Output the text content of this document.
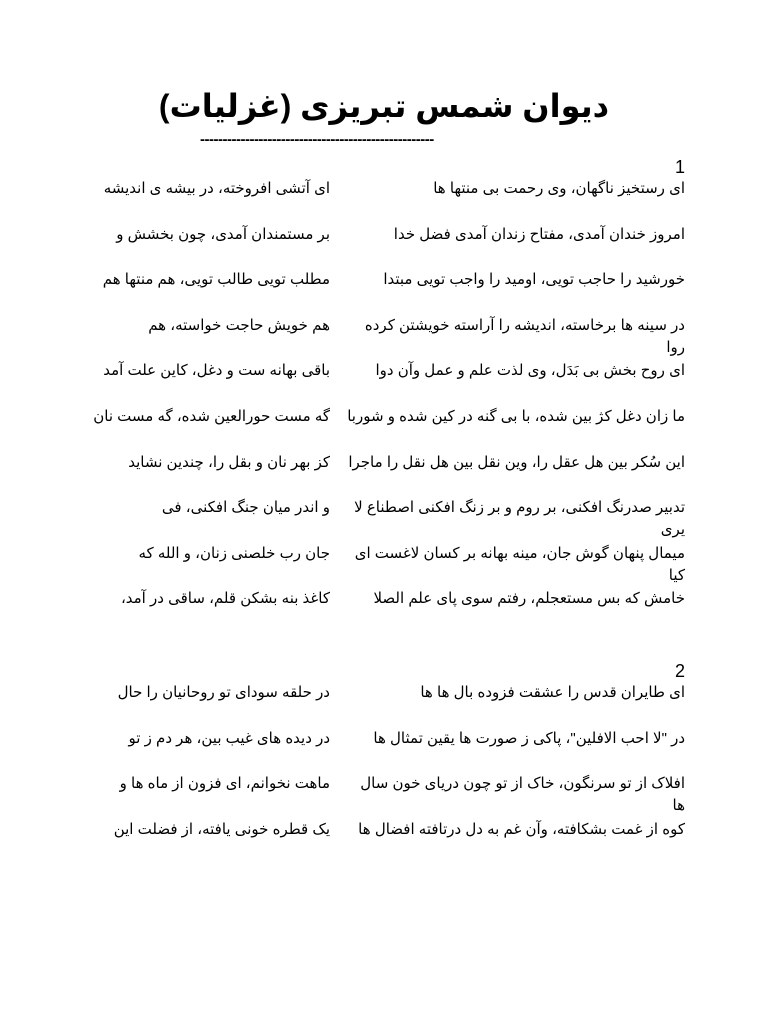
دیوان شمس تبریزی (غزلیات)
----------------------------------------------------
1
ای رستخیز ناگهان، وی رحمت بی منتها ها
ای آتشی افروخته، در بیشه ی اندیشه
امروز خندان آمدی، مفتاح زندان آمدی فضل خدا
بر مستمندان آمدی، چون بخشش و
خورشید را حاجب تویی، اومید را واجب تویی مبتدا
مطلب تویی طالب تویی، هم منتها هم
در سینه ها برخاسته، اندیشه را آراسته خویشتن کرده روا
هم خویش حاجت خواسته، هم
ای روح بخش بی بَدَل، وی لذت علم و عمل وآن دوا
باقی بهانه ست و دغل، کاین علت آمد
ما زان دغل کژ بین شده، با بی گنه در کین شده و شوربا
گه مست حورالعین شده، گه مست نان
این سُکر بین هل عقل را، وین نقل بین هل نقل را ماجرا
کز بهر نان و بقل را، چندین نشاید
تدبیر صدرنگ افکنی، بر روم و بر زنگ افکنی اصطناع لا یری
و اندر میان جنگ افکنی، فی
میمال پنهان گوش جان، مینه بهانه بر کسان لاغست ای کیا
جان رب خلصنی زنان، و الله که
خامش که بس مستعجلم، رفتم سوی پای علم الصلا
کاغذ بنه بشکن قلم، ساقی در آمد،
2
ای طایران قدس را عشقت فزوده بال ها ها
در حلقه سودای تو روحانیان را حال
در "لا احب الافلین"، پاکی ز صورت ها یقین تمثال ها
در دیده های غیب بین، هر دم ز تو
افلاک از تو سرنگون، خاک از تو چون دریای خون سال ها
ماهت نخوانم، ای فزون از ماه ها و
کوه از غمت بشکافته، وآن غم به دل درتافته افضال ها
یک قطره خونی یافته، از فضلت این
